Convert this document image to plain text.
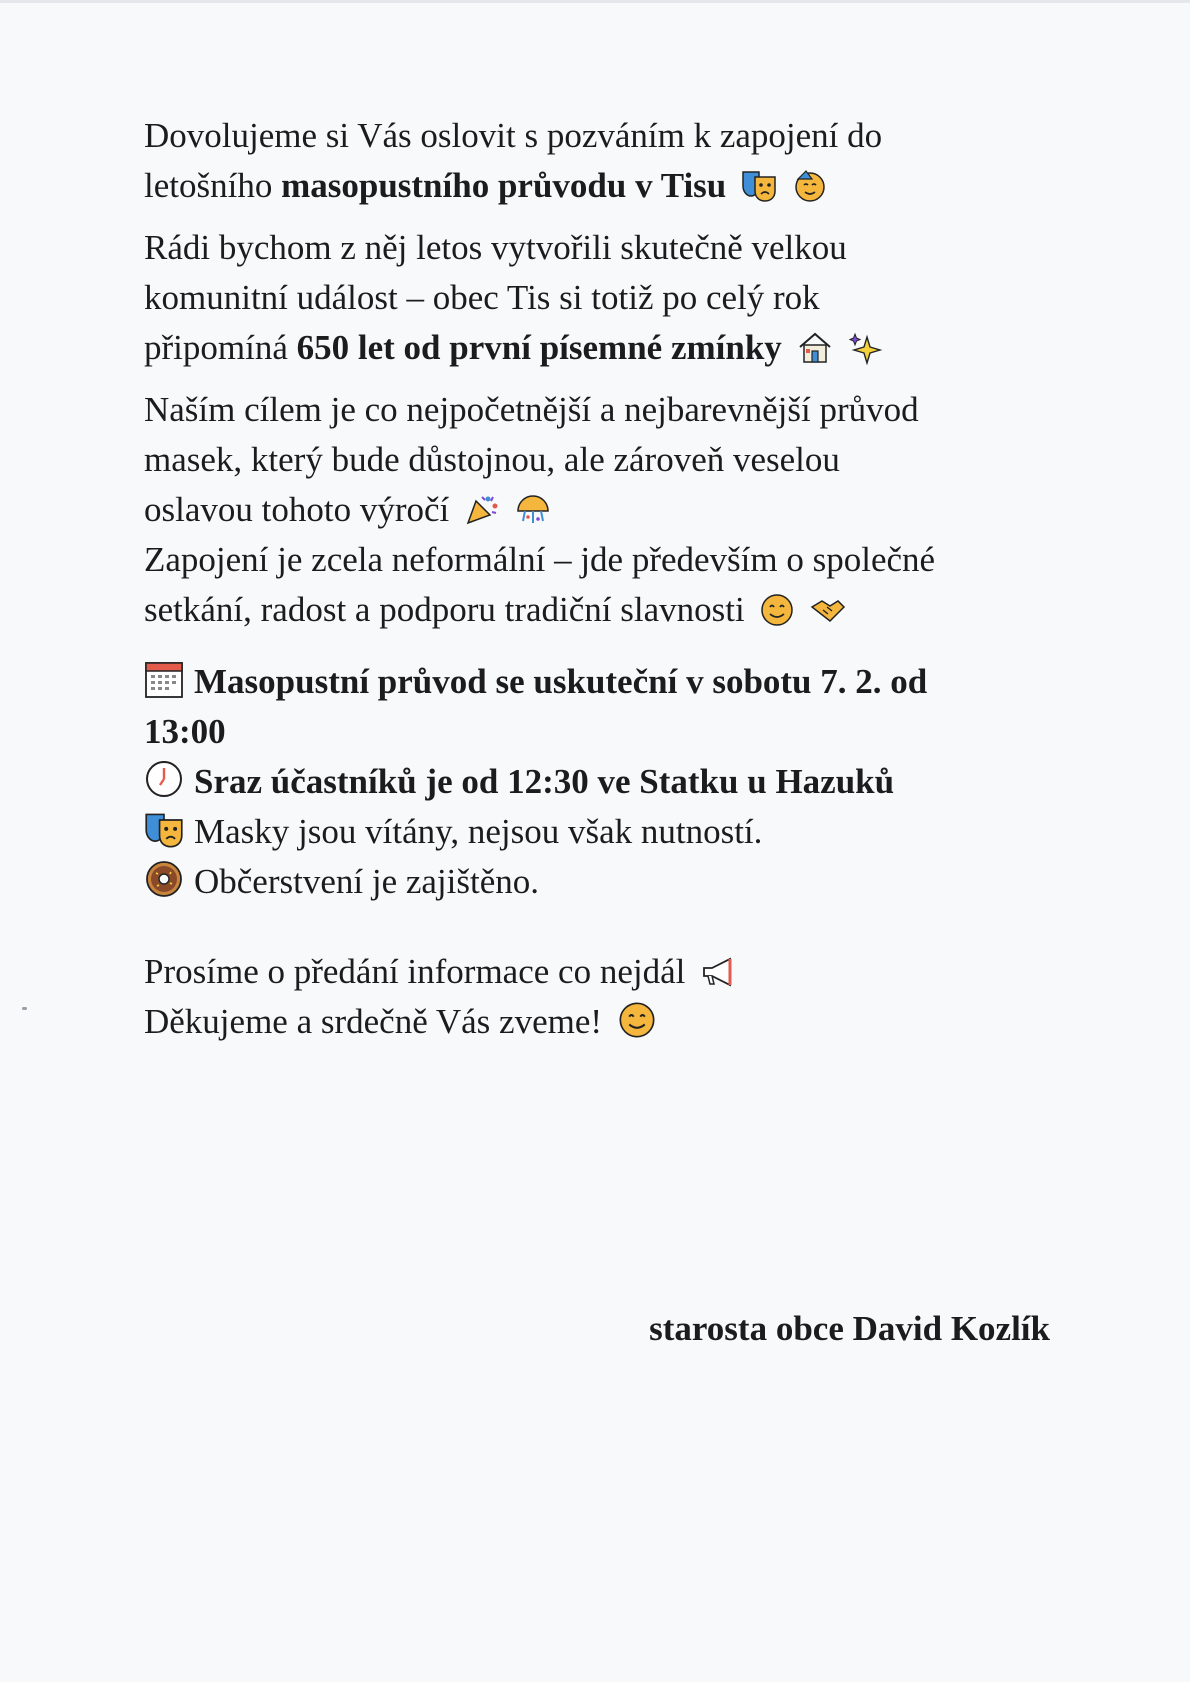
Dovolujeme si Vás oslovit s pozváním k zapojení do
letošního masopustního průvodu v Tisu

Rádi bychom z něj letos vytvořili skutečně velkou
komunitní událost – obec Tis si totiž po celý rok
připomíná 650 let od první písemné zmínky

Naším cílem je co nejpočetnější a nejbarevnější průvod
masek, který bude důstojnou, ale zároveň veselou
oslavou tohoto výročí

Zapojení je zcela neformální – jde především o společné
setkání, radost a podporu tradiční slavnosti

Masopustní průvod se uskuteční v sobotu 7. 2. od
13:00

Sraz účastníků je od 12:30 ve Statku u Hazuků

Masky jsou vítány, nejsou však nutností.

Občerstvení je zajištěno.

Prosíme o předání informace co nejdál

Děkujeme a srdečně Vás zveme!

starosta obce David Kozlík
